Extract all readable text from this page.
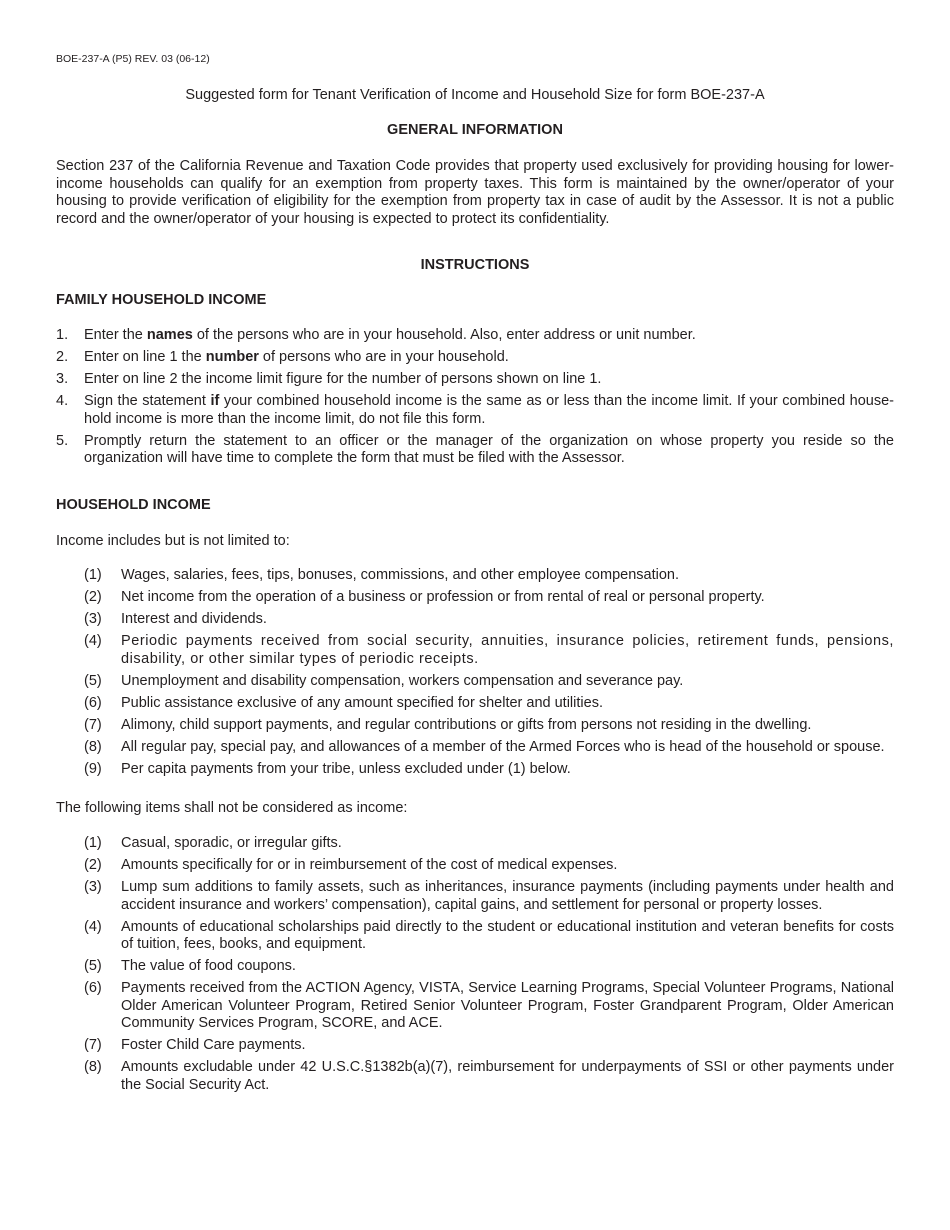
BOE-237-A (P5) REV. 03 (06-12)
Suggested form for Tenant Verification of Income and Household Size for form BOE-237-A
GENERAL INFORMATION
Section 237 of the California Revenue and Taxation Code provides that property used exclusively for providing housing for lower-income households can qualify for an exemption from property taxes. This form is maintained by the owner/operator of your housing to provide verification of eligibility for the exemption from property tax in case of audit by the Assessor. It is not a public record and the owner/operator of your housing is expected to protect its confidentiality.
INSTRUCTIONS
FAMILY HOUSEHOLD INCOME
1. Enter the names of the persons who are in your household. Also, enter address or unit number.
2. Enter on line 1 the number of persons who are in your household.
3. Enter on line 2 the income limit figure for the number of persons shown on line 1.
4. Sign the statement if your combined household income is the same as or less than the income limit. If your combined house-hold income is more than the income limit, do not file this form.
5. Promptly return the statement to an officer or the manager of the organization on whose property you reside so the organization will have time to complete the form that must be filed with the Assessor.
HOUSEHOLD INCOME
Income includes but is not limited to:
(1) Wages, salaries, fees, tips, bonuses, commissions, and other employee compensation.
(2) Net income from the operation of a business or profession or from rental of real or personal property.
(3) Interest and dividends.
(4) Periodic payments received from social security, annuities, insurance policies, retirement funds, pensions, disability, or other similar types of periodic receipts.
(5) Unemployment and disability compensation, workers compensation and severance pay.
(6) Public assistance exclusive of any amount specified for shelter and utilities.
(7) Alimony, child support payments, and regular contributions or gifts from persons not residing in the dwelling.
(8) All regular pay, special pay, and allowances of a member of the Armed Forces who is head of the household or spouse.
(9) Per capita payments from your tribe, unless excluded under (1) below.
The following items shall not be considered as income:
(1) Casual, sporadic, or irregular gifts.
(2) Amounts specifically for or in reimbursement of the cost of medical expenses.
(3) Lump sum additions to family assets, such as inheritances, insurance payments (including payments under health and accident insurance and workers’ compensation), capital gains, and settlement for personal or property losses.
(4) Amounts of educational scholarships paid directly to the student or educational institution and veteran benefits for costs of tuition, fees, books, and equipment.
(5) The value of food coupons.
(6) Payments received from the ACTION Agency, VISTA, Service Learning Programs, Special Volunteer Programs, National Older American Volunteer Program, Retired Senior Volunteer Program, Foster Grandparent Program, Older American Community Services Program, SCORE, and ACE.
(7) Foster Child Care payments.
(8) Amounts excludable under 42 U.S.C.§1382b(a)(7), reimbursement for underpayments of SSI or other payments under the Social Security Act.
